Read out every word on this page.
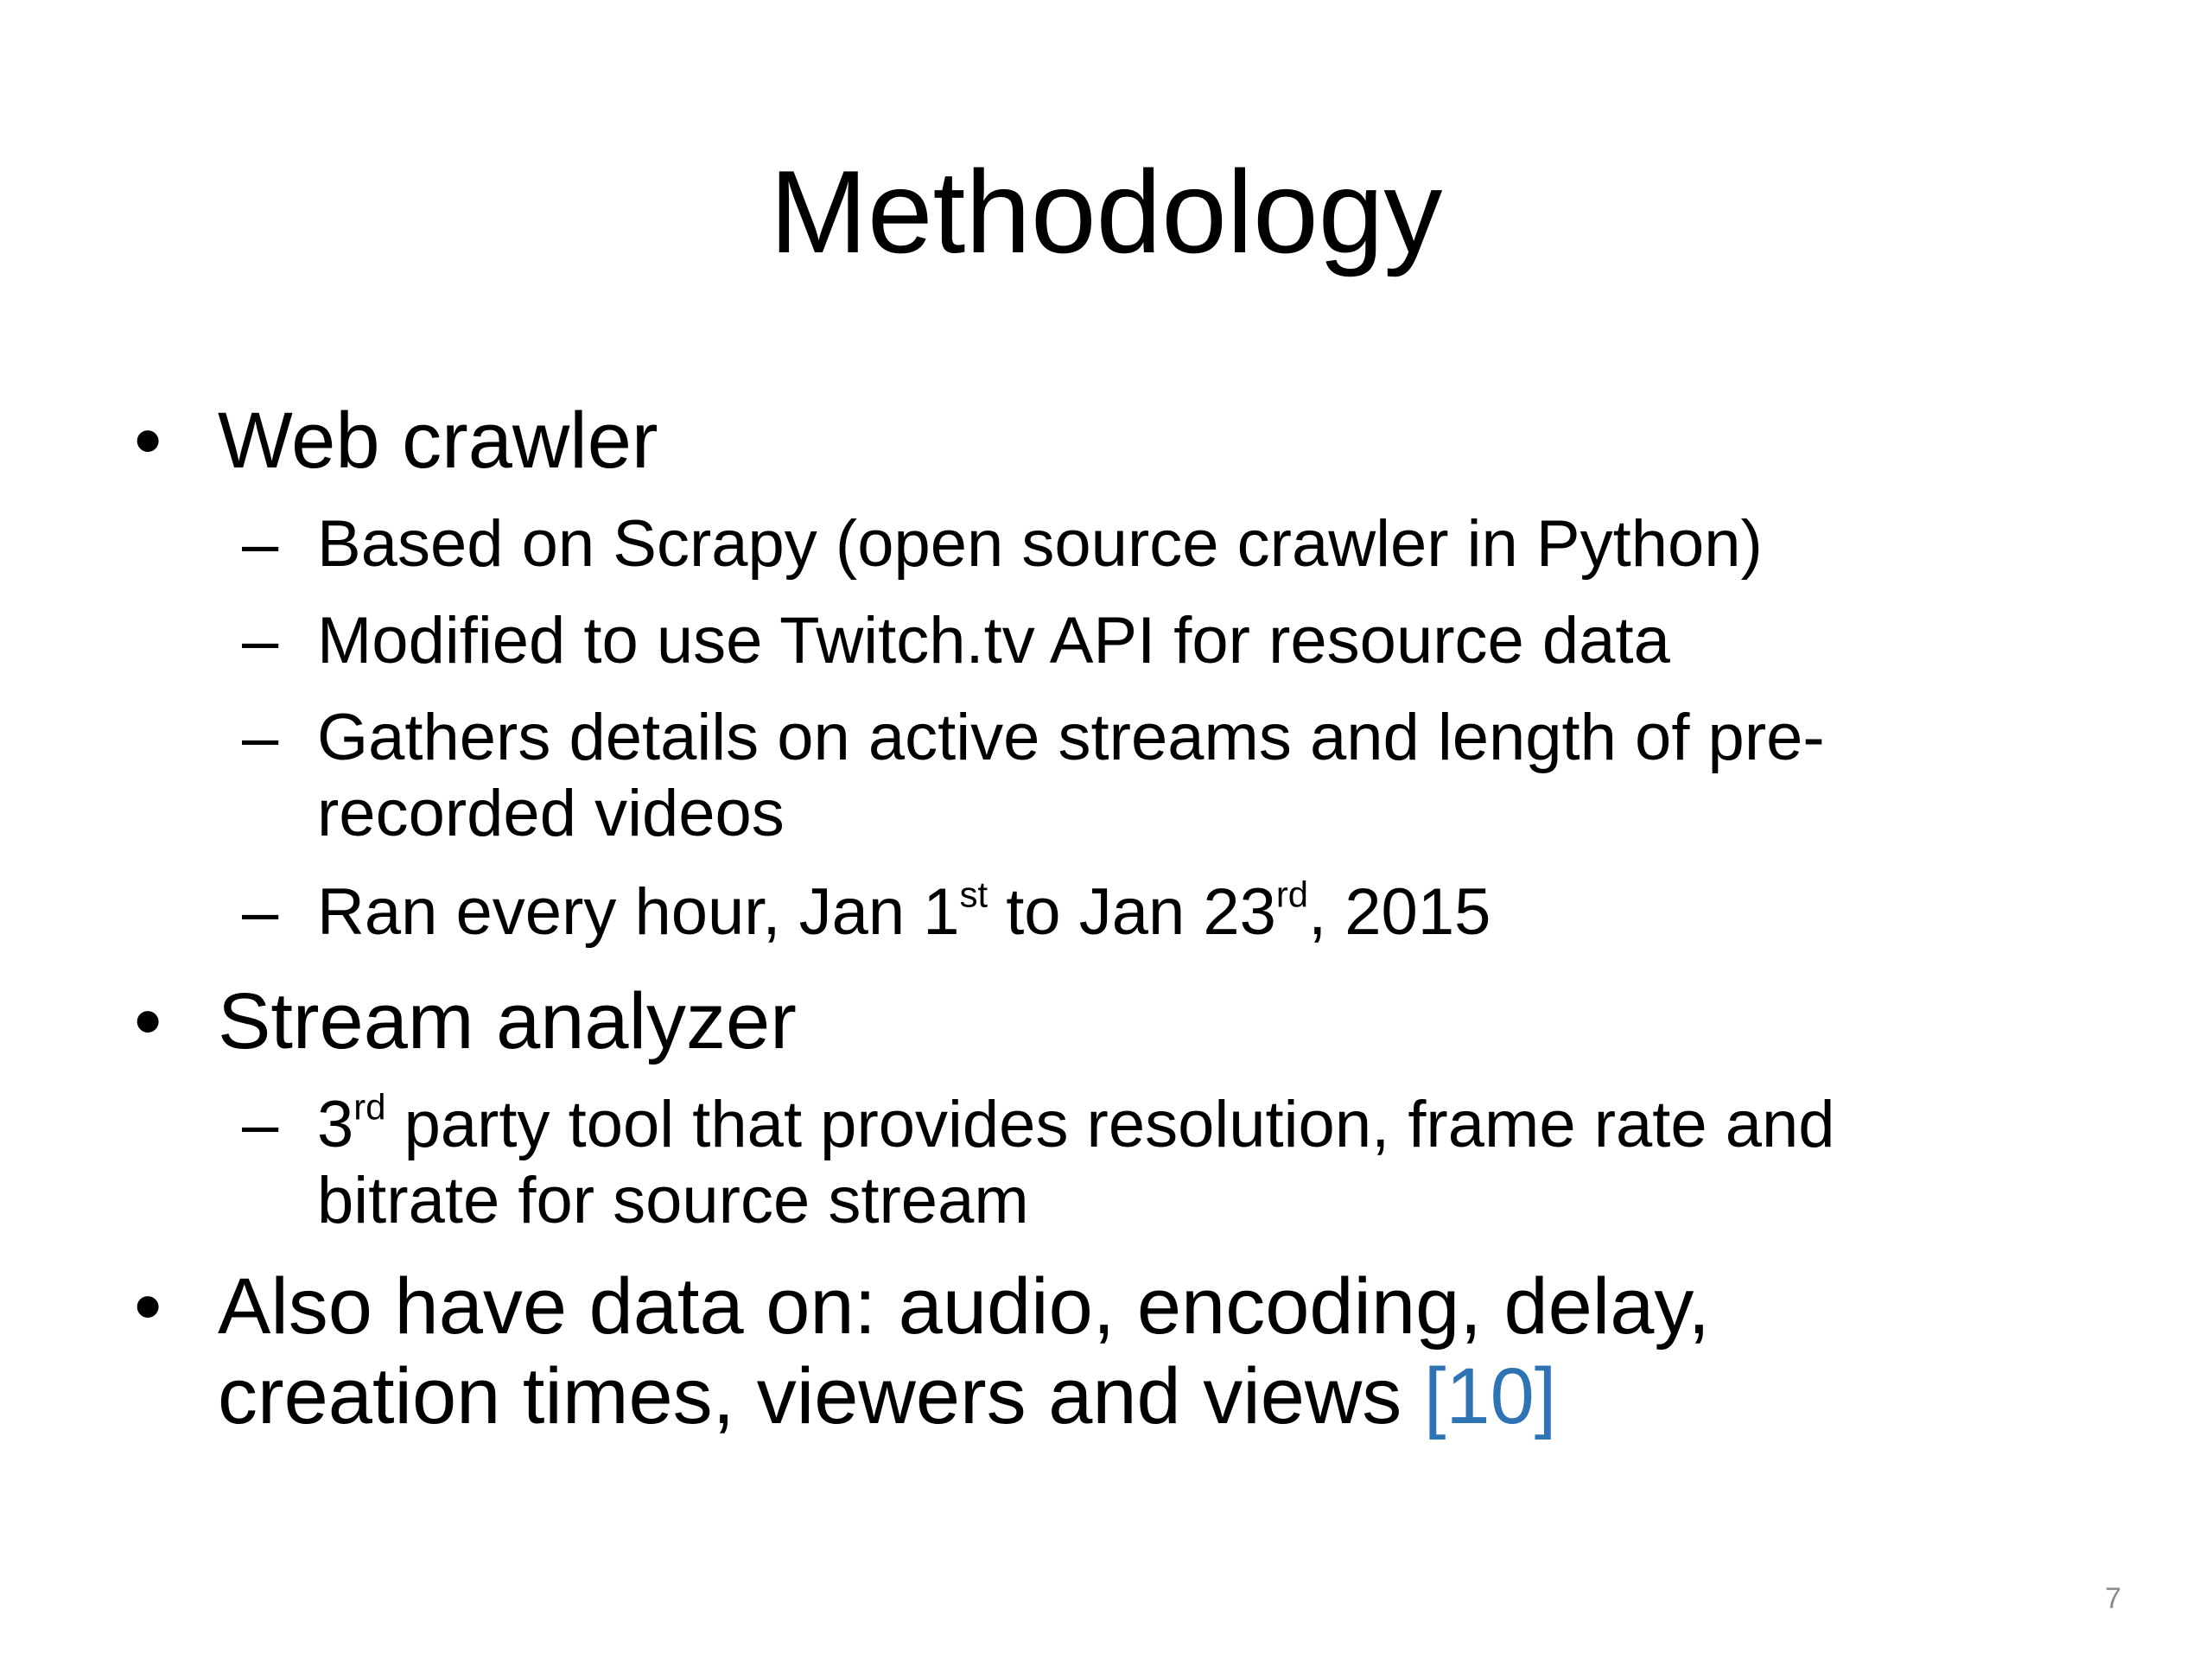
Methodology
• Web crawler
– Based on Scrapy (open source crawler in Python)
– Modified to use Twitch.tv API for resource data
– Gathers details on active streams and length of pre-
recorded videos
– Ran every hour, Jan 1st to Jan 23rd, 2015
• Stream analyzer
– 3rd party tool that provides resolution, frame rate and
bitrate for source stream
• Also have data on: audio, encoding, delay,
creation times, viewers and views [10]
7
